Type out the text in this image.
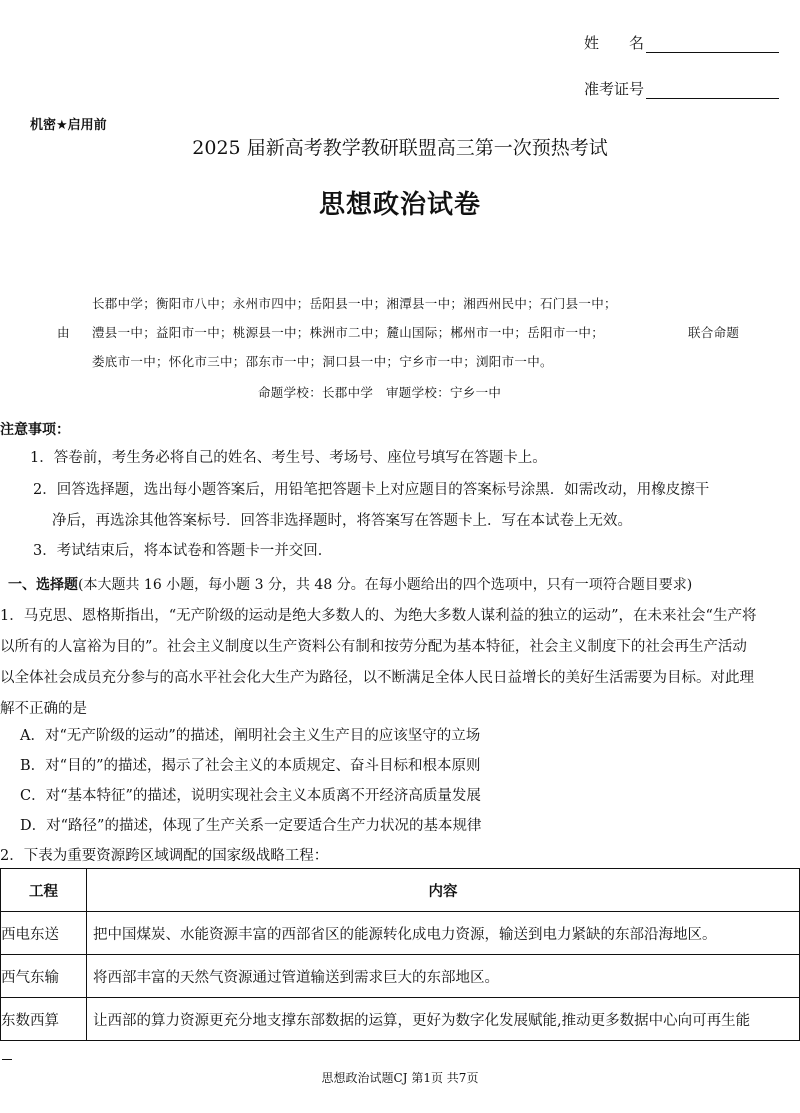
姓　　名
准考证号
机密★启用前
2025 届新高考教学教研联盟高三第一次预热考试
思想政治试卷
长郡中学；衡阳市八中；永州市四中；岳阳县一中；湘潭县一中；湘西州民中；石门县一中；
由 澧县一中；益阳市一中；桃源县一中；株洲市二中；麓山国际；郴州市一中；岳阳市一中；	联合命题
娄底市一中；怀化市三中；邵东市一中；洞口县一中；宁乡市一中；浏阳市一中。
命题学校：长郡中学　审题学校：宁乡一中
注意事项：
1．答卷前，考生务必将自己的姓名、考生号、考场号、座位号填写在答题卡上。
2．回答选择题，选出每小题答案后，用铅笔把答题卡上对应题目的答案标号涂黑．如需改动，用橡皮擦干
净后，再选涂其他答案标号．回答非选择题时，将答案写在答题卡上．写在本试卷上无效。
3．考试结束后，将本试卷和答题卡一并交回．
一、选择题(本大题共 16 小题，每小题 3 分，共 48 分。在每小题给出的四个选项中，只有一项符合题目要求)
1．马克思、恩格斯指出，“无产阶级的运动是绝大多数人的、为绝大多数人谋利益的独立的运动”，在未来社会“生产将
以所有的人富裕为目的”。社会主义制度以生产资料公有制和按劳分配为基本特征，社会主义制度下的社会再生产活动
以全体社会成员充分参与的高水平社会化大生产为路径，以不断满足全体人民日益增长的美好生活需要为目标。对此理
解不正确的是
A．对“无产阶级的运动”的描述，阐明社会主义生产目的应该坚守的立场
B．对“目的”的描述，揭示了社会主义的本质规定、奋斗目标和根本原则
C．对“基本特征”的描述，说明实现社会主义本质离不开经济高质量发展
D．对“路径”的描述，体现了生产关系一定要适合生产力状况的基本规律
2．下表为重要资源跨区域调配的国家级战略工程：
工程	内容
西电东送	把中国煤炭、水能资源丰富的西部省区的能源转化成电力资源，输送到电力紧缺的东部沿海地区。
西气东输	将西部丰富的天然气资源通过管道输送到需求巨大的东部地区。
东数西算	让西部的算力资源更充分地支撑东部数据的运算，更好为数字化发展赋能,推动更多数据中心向可再生能
思想政治试题CJ 第1页 共7页
